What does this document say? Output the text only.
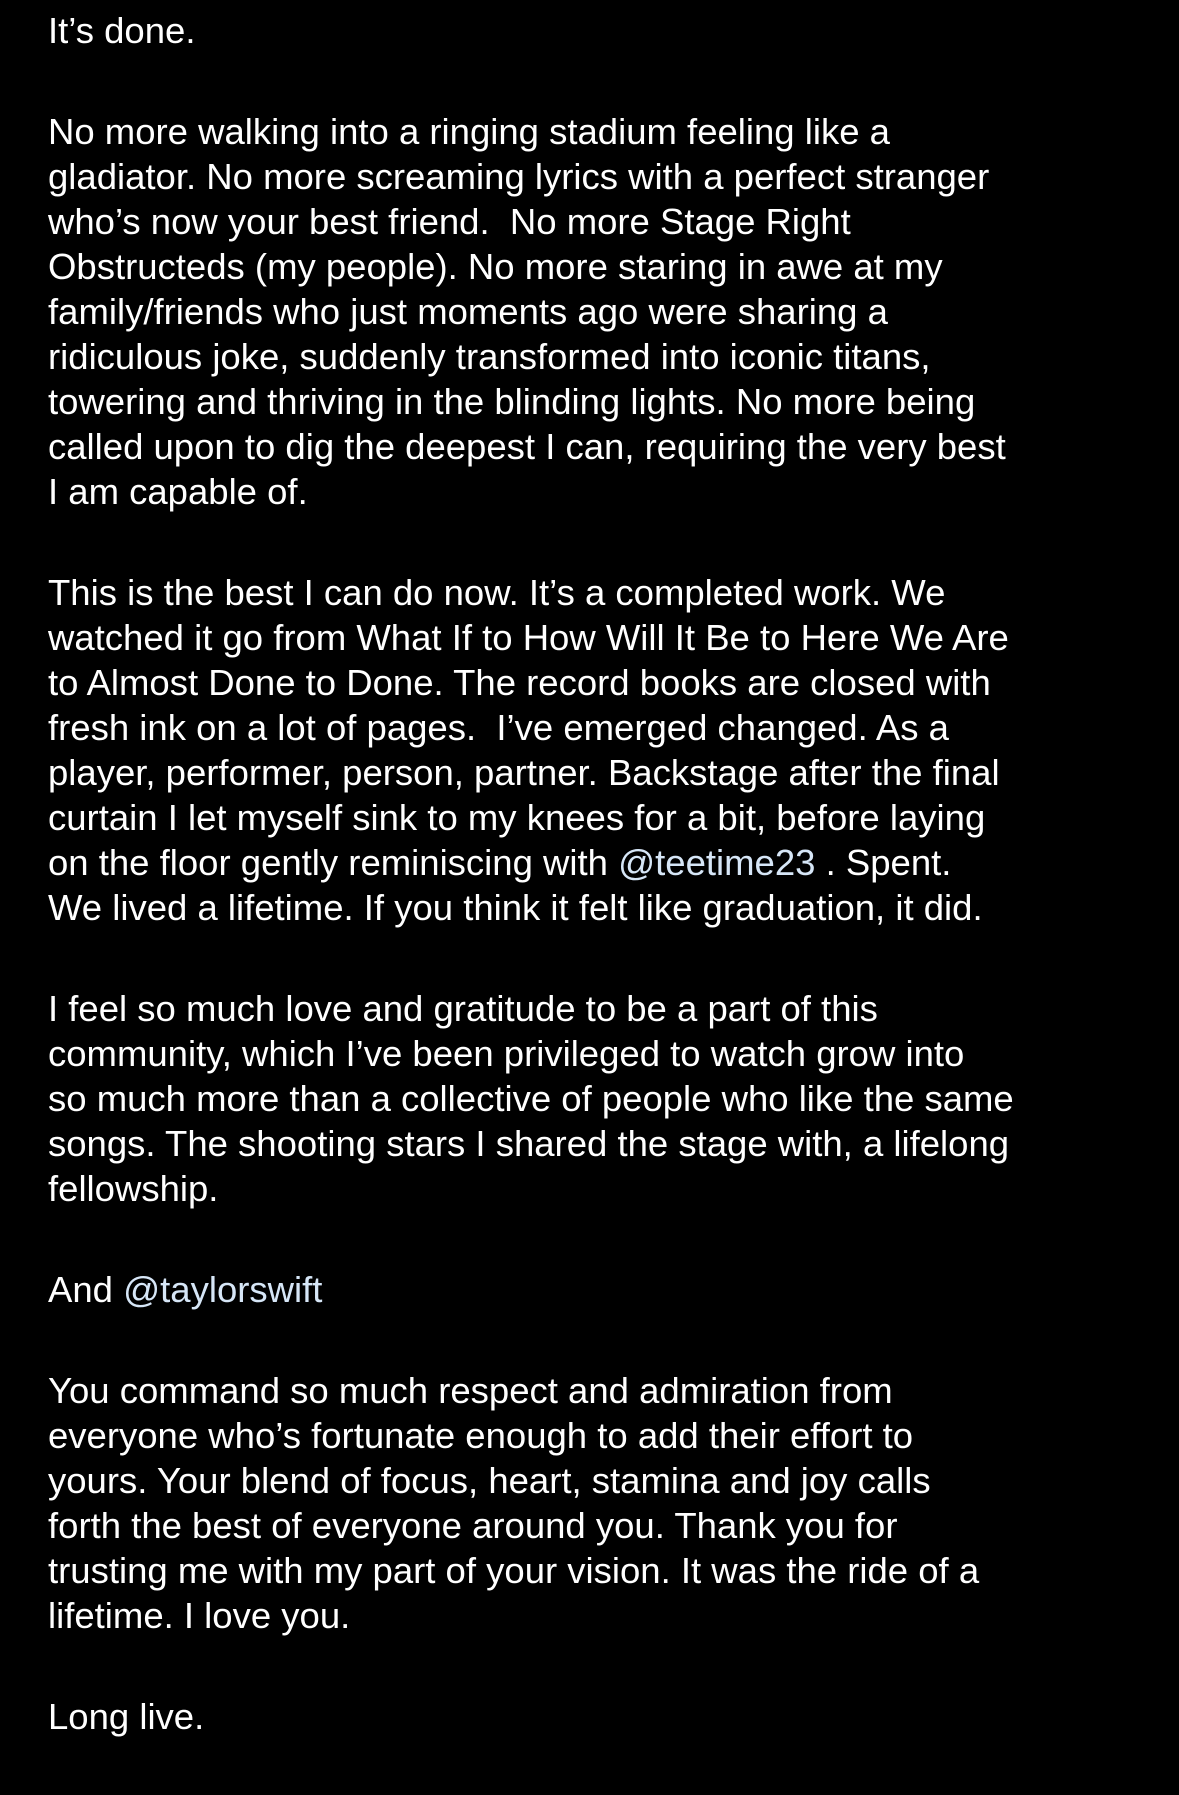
It’s done.
No more walking into a ringing stadium feeling like a
gladiator. No more screaming lyrics with a perfect stranger
who’s now your best friend.  No more Stage Right
Obstructeds (my people). No more staring in awe at my
family/friends who just moments ago were sharing a
ridiculous joke, suddenly transformed into iconic titans,
towering and thriving in the blinding lights. No more being
called upon to dig the deepest I can, requiring the very best
I am capable of.
This is the best I can do now. It’s a completed work. We
watched it go from What If to How Will It Be to Here We Are
to Almost Done to Done. The record books are closed with
fresh ink on a lot of pages.  I’ve emerged changed. As a
player, performer, person, partner. Backstage after the final
curtain I let myself sink to my knees for a bit, before laying
on the floor gently reminiscing with @teetime23 . Spent.
We lived a lifetime. If you think it felt like graduation, it did.
I feel so much love and gratitude to be a part of this
community, which I’ve been privileged to watch grow into
so much more than a collective of people who like the same
songs. The shooting stars I shared the stage with, a lifelong
fellowship.
And @taylorswift
You command so much respect and admiration from
everyone who’s fortunate enough to add their effort to
yours. Your blend of focus, heart, stamina and joy calls
forth the best of everyone around you. Thank you for
trusting me with my part of your vision. It was the ride of a
lifetime. I love you.
Long live.
